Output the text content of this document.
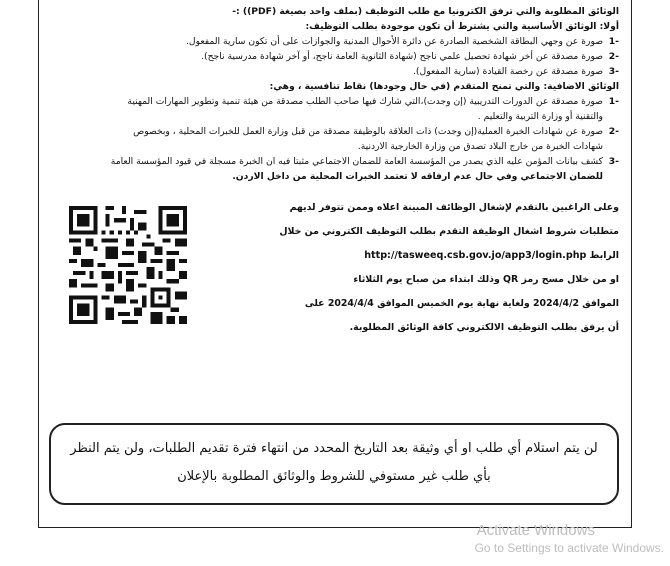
الوثائق المطلوبة والتي ترفق الكترونيا مع طلب التوظيف (بملف واحد بصيغة (PDF)) :-
أولا: الوثائق الأساسية والتي يشترط أن تكون موجودة بطلب التوظيف:
-1
صورة عن وجهي البطاقة الشخصية الصادرة عن دائرة الأحوال المدنية والجوازات على أن تكون سارية المفعول.
-2
صورة مصدقة عن أخر شهادة تحصيل علمي ناجح (شهادة الثانوية العامة ناجح، أو آخر شهادة مدرسية ناجح).
-3
صورة مصدقة عن رخصة القيادة (سارية المفعول).
الوثائق الاضافية: والتي تمنح المتقدم (في حال وجودها) نقاط تنافسية ، وهي:
-1
صورة مصدقة عن الدورات التدريبية (إن وجدت)،التي شارك فيها صاحب الطلب مصدقة من هيئة تنمية وتطوير المهارات المهنية
والتقنية أو وزارة التربية والتعليم .
-2
صورة عن شهادات الخبرة العملية(إن وجدت) ذات العلاقة بالوظيفة مصدقة من قبل وزارة العمل للخبرات المحلية ، وبخصوص
شهادات الخبرة من خارج البلاد تصدق من وزارة الخارجية الاردنية.
-3
كشف بيانات المؤمن عليه الذي يصدر من المؤسسة العامة للضمان الاجتماعي مثبتا فيه ان الخبرة مسجلة في قيود المؤسسة العامة
للضمان الاجتماعي وفي حال عدم ارفاقه لا تعتمد الخبرات المحلية من داخل الاردن.
وعلى الراغبين بالتقدم لإشغال الوظائف المبينة اعلاه وممن تتوفر لديهم
متطلبات شروط اشغال الوظيفة التقدم بطلب التوظيف الكتروني من خلال
الرابط http://tasweeq.csb.gov.jo/app3/login.php
او من خلال مسح رمز QR وذلك ابتداء من صباح يوم الثلاثاء
الموافق 2024/4/2 ولغاية نهاية يوم الخميس الموافق 2024/4/4 على
أن يرفق بطلب التوظيف الالكتروني كافة الوثائق المطلوبة.
لن يتم استلام أي طلب او أي وثيقة بعد التاريخ المحدد من انتهاء فترة تقديم الطلبات، ولن يتم النظر
بأي طلب غير مستوفي للشروط والوثائق المطلوبة بالإعلان
Activate Windows
Go to Settings to activate Windows.
